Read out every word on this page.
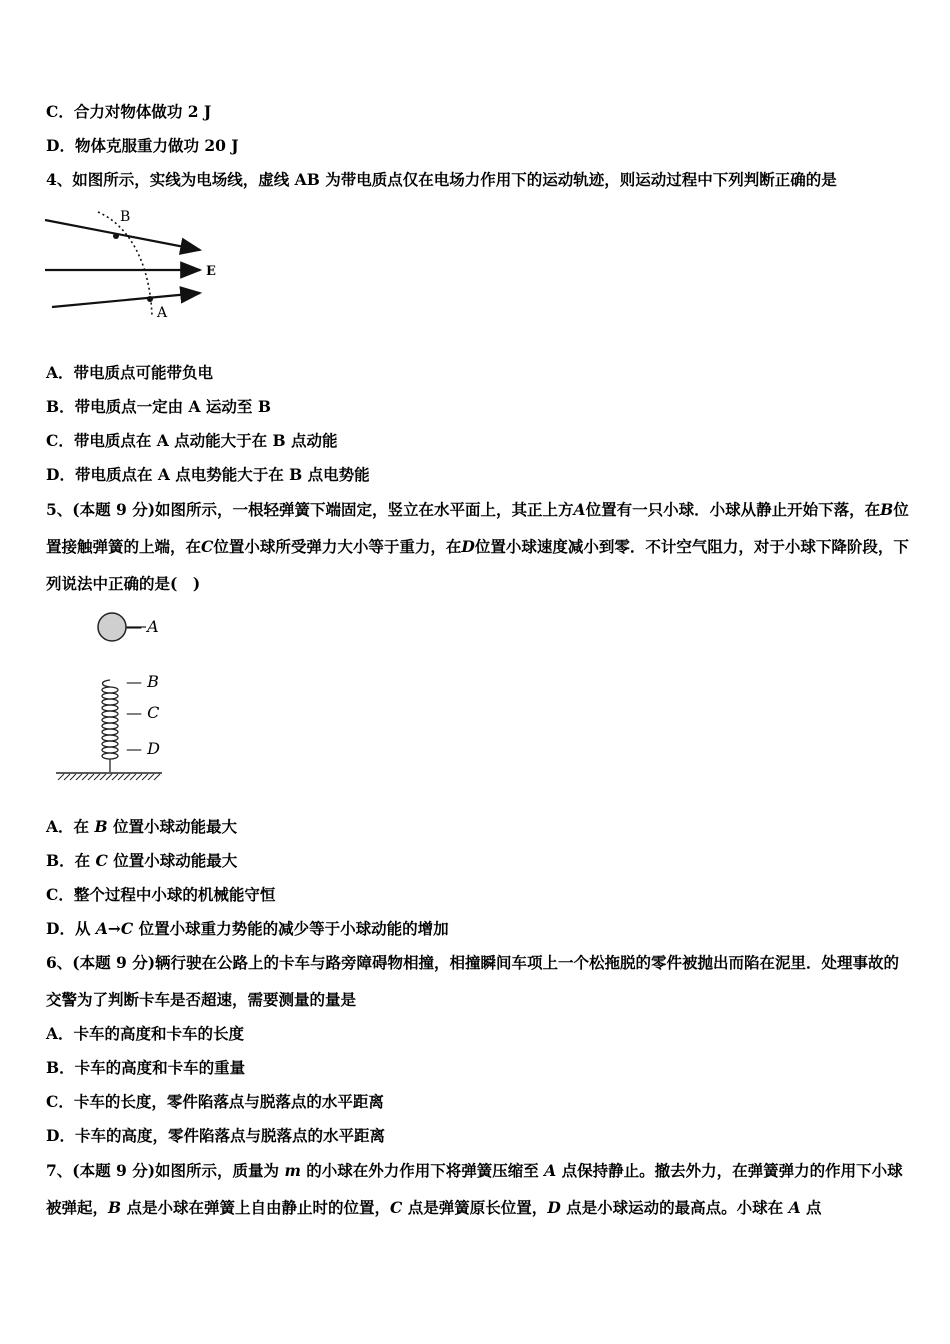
C．合力对物体做功 2 J
D．物体克服重力做功 20 J
4、如图所示，实线为电场线，虚线 AB 为带电质点仅在电场力作用下的运动轨迹，则运动过程中下列判断正确的是
B
A
E
A．带电质点可能带负电
B．带电质点一定由 A 运动至 B
C．带电质点在 A 点动能大于在 B 点动能
D．带电质点在 A 点电势能大于在 B 点电势能
5、(本题 9 分)如图所示，一根轻弹簧下端固定，竖立在水平面上，其正上方A位置有一只小球．小球从静止开始下落，在B位置接触弹簧的上端，在C位置小球所受弹力大小等于重力，在D位置小球速度减小到零．不计空气阻力，对于小球下降阶段，下列说法中正确的是(　)
— A
— B
— C
— D
A．在 B 位置小球动能最大
B．在 C 位置小球动能最大
C．整个过程中小球的机械能守恒
D．从 A→C 位置小球重力势能的减少等于小球动能的增加
6、(本题 9 分)辆行驶在公路上的卡车与路旁障碍物相撞，相撞瞬间车项上一个松拖脱的零件被抛出而陷在泥里．处理事故的交警为了判断卡车是否超速，需要测量的量是
A．卡车的高度和卡车的长度
B．卡车的高度和卡车的重量
C．卡车的长度，零件陷落点与脱落点的水平距离
D．卡车的高度，零件陷落点与脱落点的水平距离
7、(本题 9 分)如图所示，质量为 m 的小球在外力作用下将弹簧压缩至 A 点保持静止。撤去外力，在弹簧弹力的作用下小球被弹起，B 点是小球在弹簧上自由静止时的位置，C 点是弹簧原长位置，D 点是小球运动的最高点。小球在 A 点
